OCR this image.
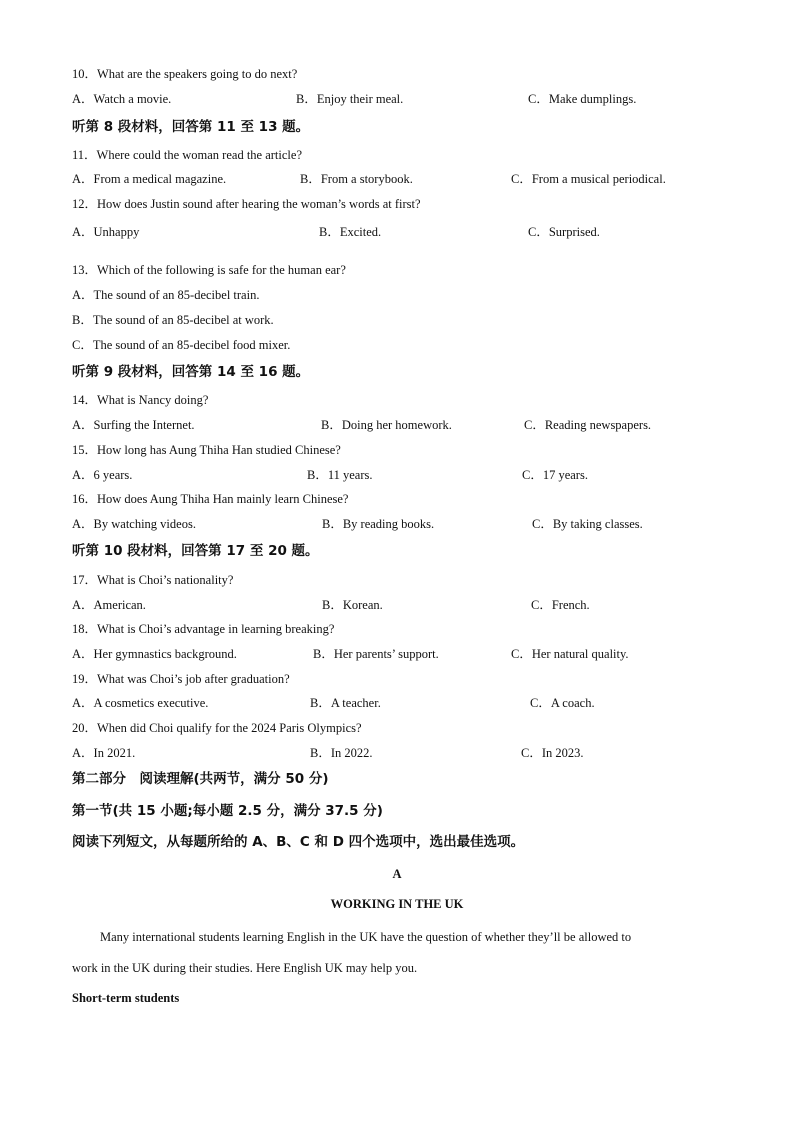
10．What are the speakers going to do next?
A．Watch a movie.	B．Enjoy their meal.	C．Make dumplings.
听第 8 段材料，回答第 11 至 13 题。
11．Where could the woman read the article?
A．From a medical magazine.	B．From a storybook.	C．From a musical periodical.
12．How does Justin sound after hearing the woman’s words at first?
A．Unhappy	B．Excited.	C．Surprised.
13．Which of the following is safe for the human ear?
A．The sound of an 85-decibel train.
B．The sound of an 85-decibel at work.
C．The sound of an 85-decibel food mixer.
听第 9 段材料，回答第 14 至 16 题。
14．What is Nancy doing?
A．Surfing the Internet.	B．Doing her homework.	C．Reading newspapers.
15．How long has Aung Thiha Han studied Chinese?
A．6 years.	B．11 years.	C．17 years.
16．How does Aung Thiha Han mainly learn Chinese?
A．By watching videos.	B．By reading books.	C．By taking classes.
听第 10 段材料，回答第 17 至 20 题。
17．What is Choi’s nationality?
A．American.	B．Korean.	C．French.
18．What is Choi’s advantage in learning breaking?
A．Her gymnastics background.	B．Her parents’ support.	C．Her natural quality.
19．What was Choi’s job after graduation?
A．A cosmetics executive.	B．A teacher.	C．A coach.
20．When did Choi qualify for the 2024 Paris Olympics?
A．In 2021.	B．In 2022.	C．In 2023.
第二部分　阅读理解(共两节，满分 50 分)
第一节(共 15 小题;每小题 2.5 分，满分 37.5 分)
阅读下列短文，从每题所给的 A、B、C 和 D 四个选项中，选出最佳选项。
A
WORKING IN THE UK
Many international students learning English in the UK have the question of whether they’ll be allowed to
work in the UK during their studies. Here English UK may help you.
Short-term students
